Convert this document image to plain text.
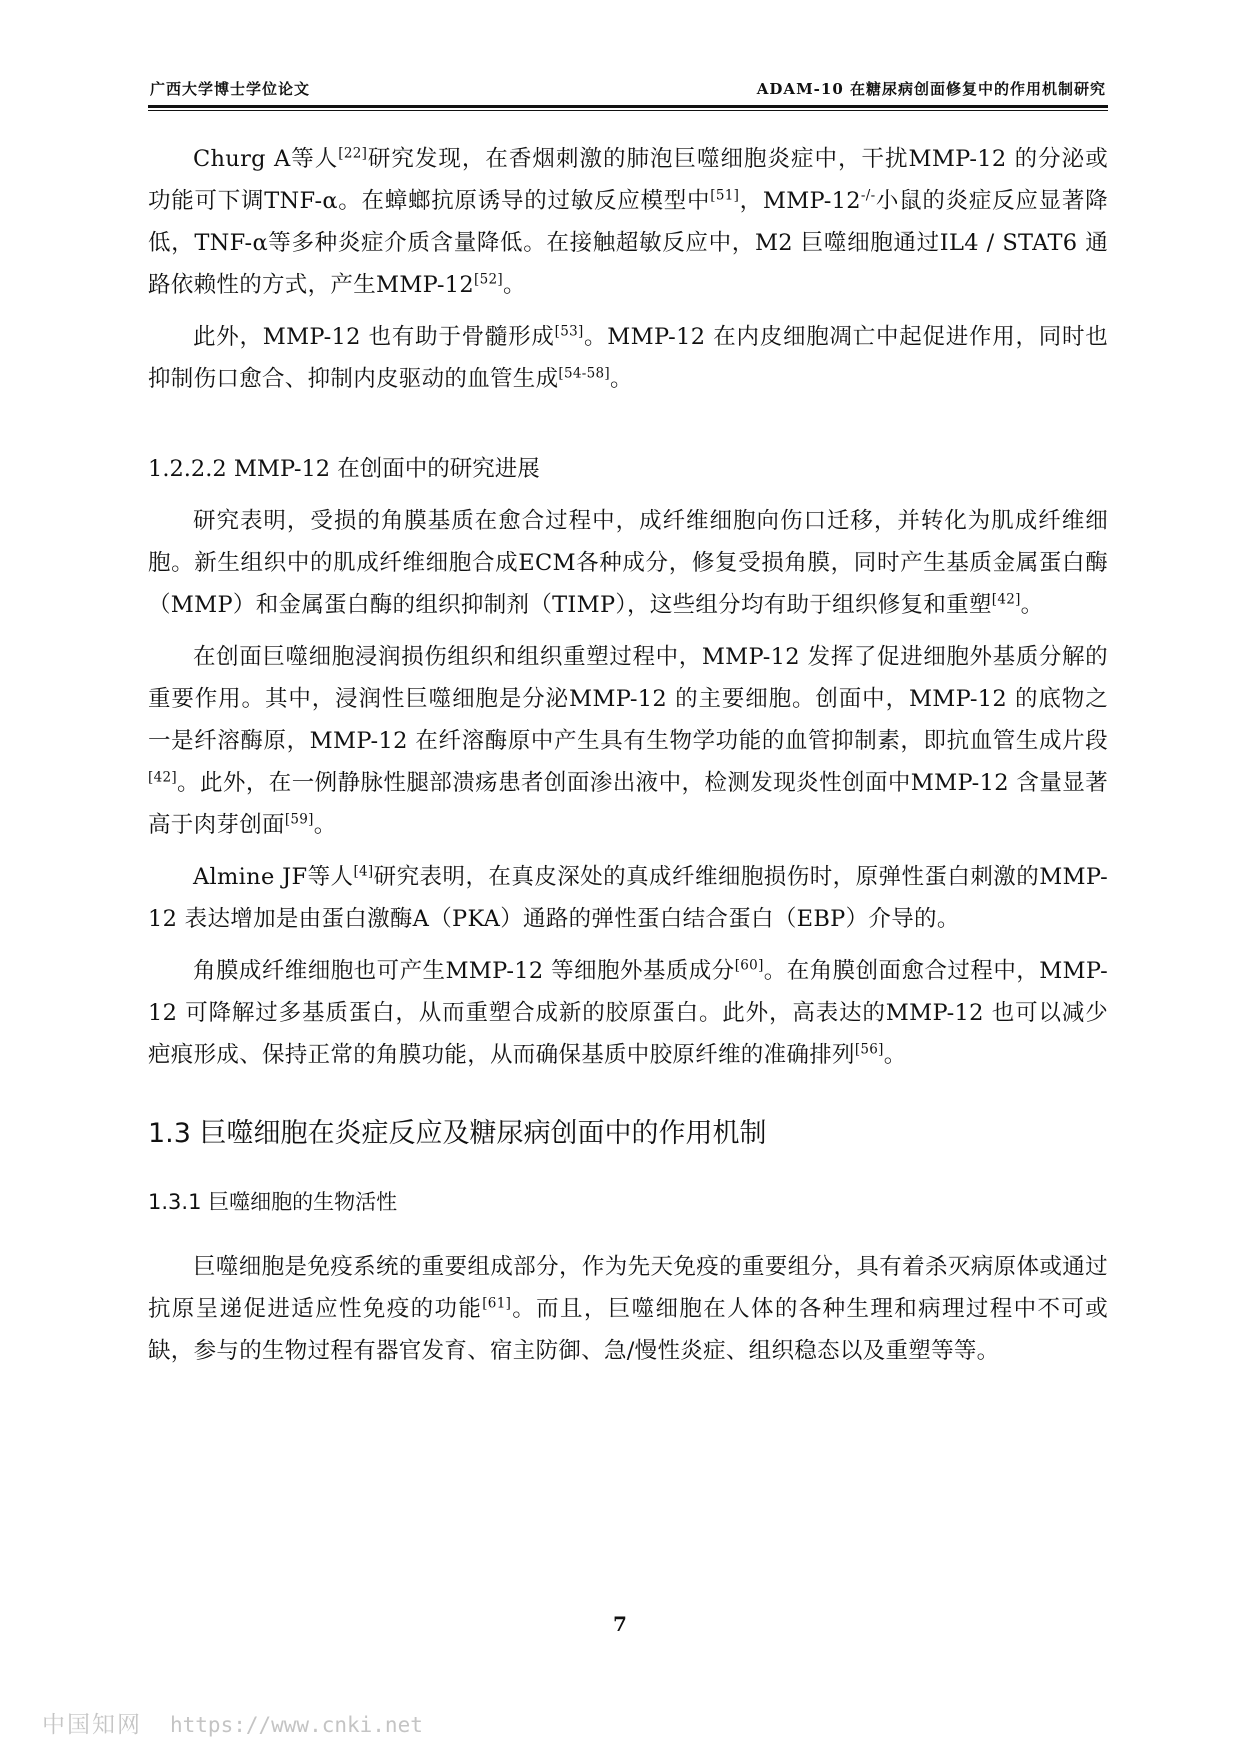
广西大学博士学位论文	ADAM-10 在糖尿病创面修复中的作用机制研究

Churg A等人[22]研究发现，在香烟刺激的肺泡巨噬细胞炎症中，干扰MMP-12 的分泌或功能可下调TNF-α。在蟑螂抗原诱导的过敏反应模型中[51]，MMP-12-/-小鼠的炎症反应显著降低，TNF-α等多种炎症介质含量降低。在接触超敏反应中，M2 巨噬细胞通过IL4 / STAT6 通路依赖性的方式，产生MMP-12[52]。

此外，MMP-12 也有助于骨髓形成[53]。MMP-12 在内皮细胞凋亡中起促进作用，同时也抑制伤口愈合、抑制内皮驱动的血管生成[54-58]。

1.2.2.2 MMP-12 在创面中的研究进展

研究表明，受损的角膜基质在愈合过程中，成纤维细胞向伤口迁移，并转化为肌成纤维细胞。新生组织中的肌成纤维细胞合成ECM各种成分，修复受损角膜，同时产生基质金属蛋白酶（MMP）和金属蛋白酶的组织抑制剂（TIMP），这些组分均有助于组织修复和重塑[42]。

在创面巨噬细胞浸润损伤组织和组织重塑过程中，MMP-12 发挥了促进细胞外基质分解的重要作用。其中，浸润性巨噬细胞是分泌MMP-12 的主要细胞。创面中，MMP-12 的底物之一是纤溶酶原，MMP-12 在纤溶酶原中产生具有生物学功能的血管抑制素，即抗血管生成片段[42]。此外，在一例静脉性腿部溃疡患者创面渗出液中，检测发现炎性创面中MMP-12 含量显著高于肉芽创面[59]。

Almine JF等人[4]研究表明，在真皮深处的真成纤维细胞损伤时，原弹性蛋白刺激的MMP-12 表达增加是由蛋白激酶A（PKA）通路的弹性蛋白结合蛋白（EBP）介导的。

角膜成纤维细胞也可产生MMP-12 等细胞外基质成分[60]。在角膜创面愈合过程中，MMP-12 可降解过多基质蛋白，从而重塑合成新的胶原蛋白。此外，高表达的MMP-12 也可以减少疤痕形成、保持正常的角膜功能，从而确保基质中胶原纤维的准确排列[56]。

1.3 巨噬细胞在炎症反应及糖尿病创面中的作用机制
1.3.1 巨噬细胞的生物活性

巨噬细胞是免疫系统的重要组成部分，作为先天免疫的重要组分，具有着杀灭病原体或通过抗原呈递促进适应性免疫的功能[61]。而且，巨噬细胞在人体的各种生理和病理过程中不可或缺，参与的生物过程有器官发育、宿主防御、急/慢性炎症、组织稳态以及重塑等等。

7
中国知网 https://www.cnki.net
